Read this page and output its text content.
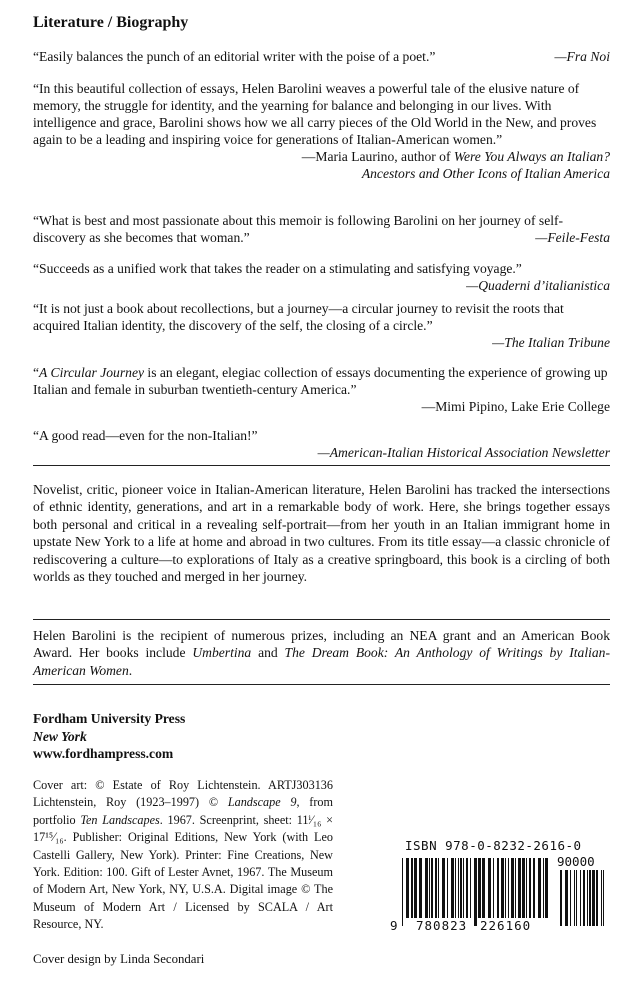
Literature / Biography

—Fra Noi
“Easily balances the punch of an editorial writer with the poise of a poet.”

“In this beautiful collection of essays, Helen Barolini weaves a powerful tale of the elusive nature of memory, the struggle for identity, and the yearning for balance and belonging in our lives. With intelligence and grace, Barolini shows how we all carry pieces of the Old World in the New, and proves again to be a leading and inspiring voice for generations of Italian-American women.”

—Maria Laurino, author of Were You Always an Italian?

Ancestors and Other Icons of Italian America

“What is best and most passionate about this memoir is following Barolini on her journey of self-discovery as she becomes that woman.”	—Feile-Festa

“Succeeds as a unified work that takes the reader on a stimulating and satisfying voyage.”

—Quaderni d’italianistica

“It is not just a book about recollections, but a journey—a circular journey to revisit the roots that acquired Italian identity, the discovery of the self, the closing of a circle.”

—The Italian Tribune

“A Circular Journey is an elegant, elegiac collection of essays documenting the experience of growing up Italian and female in suburban twentieth-century America.”

—Mimi Pipino, Lake Erie College

“A good read—even for the non-Italian!”

—American-Italian Historical Association Newsletter

Novelist, critic, pioneer voice in Italian-American literature, Helen Barolini has tracked the intersections of ethnic identity, generations, and art in a remarkable body of work. Here, she brings together essays both personal and critical in a revealing self-portrait—from her youth in an Italian immigrant home in upstate New York to a life at home and abroad in two cultures. From its title essay—a classic chronicle of rediscovering a culture—to explorations of Italy as a creative springboard, this book is a circling of both worlds as they touched and merged in her journey.

Helen Barolini is the recipient of numerous prizes, including an NEA grant and an American Book Award. Her books include Umbertina and The Dream Book: An Anthology of Writings by Italian-American Women.

Fordham University Press
New York
www.fordhampress.com
Cover art: © Estate of Roy Lichtenstein. ARTJ303136 Lichtenstein, Roy (1923–1997) © Landscape 9, from portfolio Ten Landscapes. 1967. Screenprint, sheet: 11ⁱ⁄₁₆ × 17¹⁵⁄₁₆. Publisher: Original Editions, New York (with Leo Castelli Gallery, New York). Printer: Fine Creations, New York. Edition: 100. Gift of Lester Avnet, 1967. The Museum of Modern Art, New York, NY, U.S.A. Digital image © The Museum of Modern Art / Licensed by SCALA / Art Resource, NY.
Cover design by Linda Secondari
ISBN 978-0-8232-2616-0
90000
9 780823 226160
